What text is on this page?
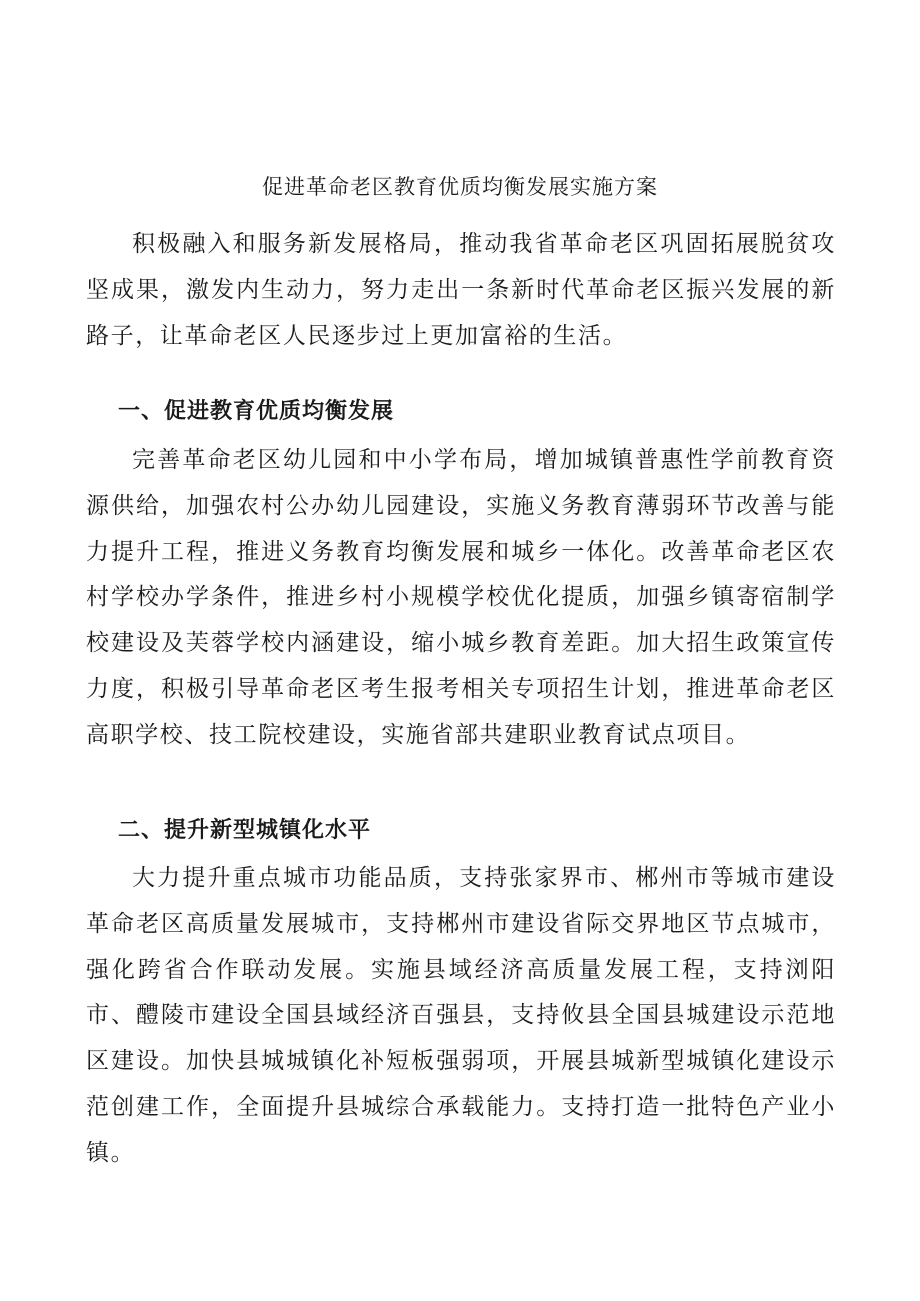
促进革命老区教育优质均衡发展实施方案

积极融入和服务新发展格局，推动我省革命老区巩固拓展脱贫攻坚成果，激发内生动力，努力走出一条新时代革命老区振兴发展的新路子，让革命老区人民逐步过上更加富裕的生活。

一、促进教育优质均衡发展

完善革命老区幼儿园和中小学布局，增加城镇普惠性学前教育资源供给，加强农村公办幼儿园建设，实施义务教育薄弱环节改善与能力提升工程，推进义务教育均衡发展和城乡一体化。改善革命老区农村学校办学条件，推进乡村小规模学校优化提质，加强乡镇寄宿制学校建设及芙蓉学校内涵建设，缩小城乡教育差距。加大招生政策宣传力度，积极引导革命老区考生报考相关专项招生计划，推进革命老区高职学校、技工院校建设，实施省部共建职业教育试点项目。

二、提升新型城镇化水平

大力提升重点城市功能品质，支持张家界市、郴州市等城市建设革命老区高质量发展城市，支持郴州市建设省际交界地区节点城市，强化跨省合作联动发展。实施县域经济高质量发展工程，支持浏阳市、醴陵市建设全国县域经济百强县，支持攸县全国县城建设示范地区建设。加快县城城镇化补短板强弱项，开展县城新型城镇化建设示范创建工作，全面提升县城综合承载能力。支持打造一批特色产业小镇。
